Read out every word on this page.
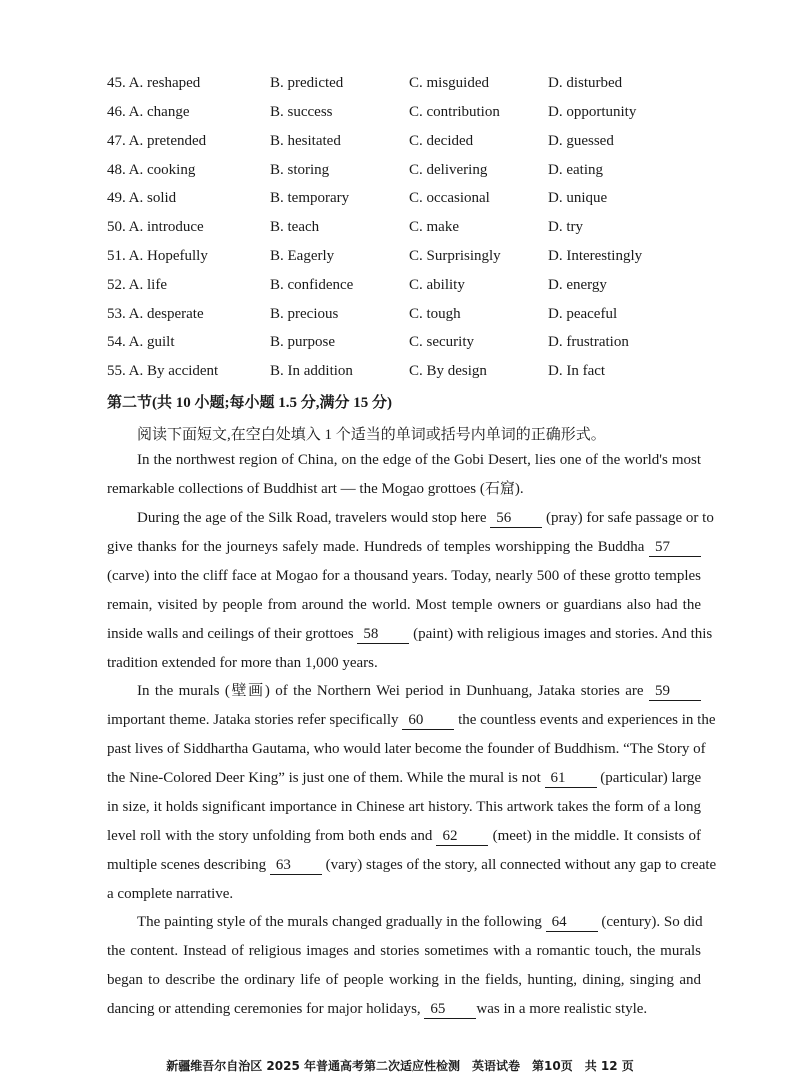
45. A. reshaped	B. predicted	C. misguided	D. disturbed
46. A. change	B. success	C. contribution	D. opportunity
47. A. pretended	B. hesitated	C. decided	D. guessed
48. A. cooking	B. storing	C. delivering	D. eating
49. A. solid	B. temporary	C. occasional	D. unique
50. A. introduce	B. teach	C. make	D. try
51. A. Hopefully	B. Eagerly	C. Surprisingly	D. Interestingly
52. A. life	B. confidence	C. ability	D. energy
53. A. desperate	B. precious	C. tough	D. peaceful
54. A. guilt	B. purpose	C. security	D. frustration
55. A. By accident	B. In addition	C. By design	D. In fact
第二节(共 10 小题;每小题 1.5 分,满分 15 分)
阅读下面短文,在空白处填入 1 个适当的单词或括号内单词的正确形式。
In the northwest region of China, on the edge of the Gobi Desert, lies one of the world's most
remarkable collections of Buddhist art — the Mogao grottoes (石窟).
During the age of the Silk Road, travelers would stop here 56 (pray) for safe passage or to
give thanks for the journeys safely made. Hundreds of temples worshipping the Buddha 57
(carve) into the cliff face at Mogao for a thousand years. Today, nearly 500 of these grotto temples
remain, visited by people from around the world. Most temple owners or guardians also had the
inside walls and ceilings of their grottoes 58 (paint) with religious images and stories. And this
tradition extended for more than 1,000 years.
In the murals (壁画) of the Northern Wei period in Dunhuang, Jataka stories are 59
important theme. Jataka stories refer specifically 60 the countless events and experiences in the
past lives of Siddhartha Gautama, who would later become the founder of Buddhism. “The Story of
the Nine-Colored Deer King” is just one of them. While the mural is not 61 (particular) large
in size, it holds significant importance in Chinese art history. This artwork takes the form of a long
level roll with the story unfolding from both ends and 62 (meet) in the middle. It consists of
multiple scenes describing 63 (vary) stages of the story, all connected without any gap to create
a complete narrative.
The painting style of the murals changed gradually in the following 64 (century). So did
the content. Instead of religious images and stories sometimes with a romantic touch, the murals
began to describe the ordinary life of people working in the fields, hunting, dining, singing and
dancing or attending ceremonies for major holidays, 65 was in a more realistic style.
新疆维吾尔自治区 2025 年普通高考第二次适应性检测　英语试卷　第10页　共 12 页
